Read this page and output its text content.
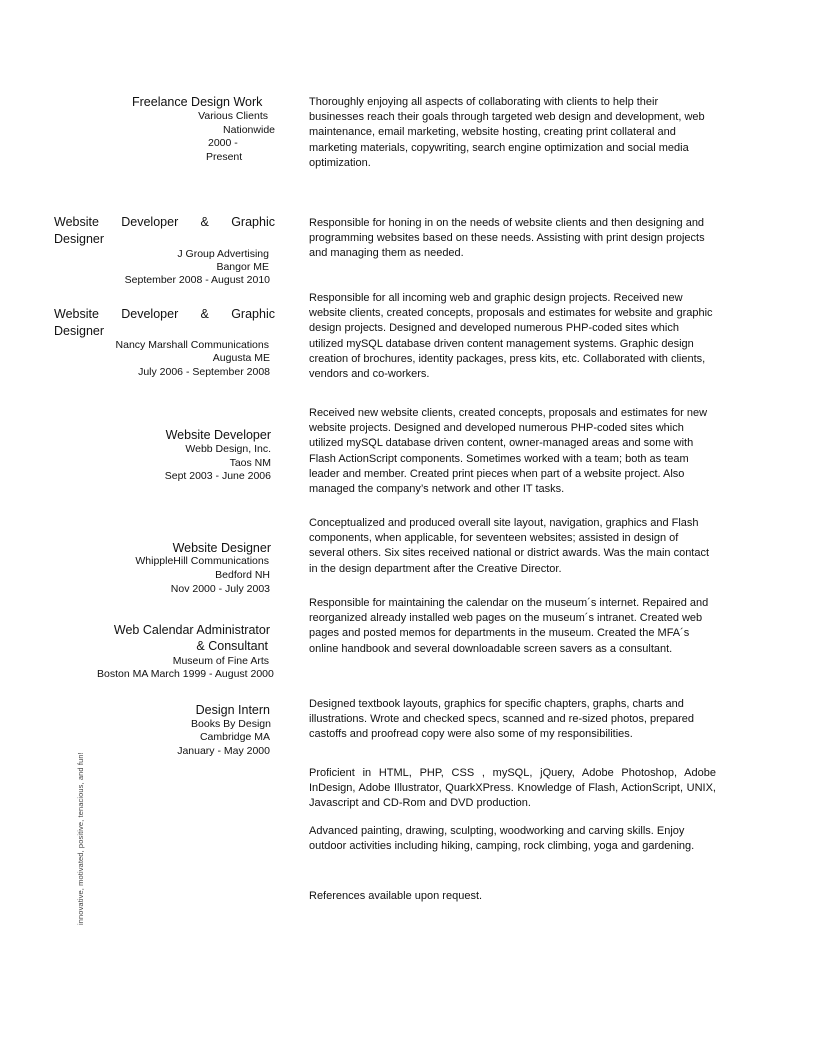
Freelance Design Work
Various Clients
Nationwide
2000 -
Present
Thoroughly enjoying all aspects of collaborating with clients to help their businesses reach their goals through targeted web design and development, web maintenance, email marketing, website hosting, creating print collateral and marketing materials, copywriting, search engine optimization and social media optimization.
Website Developer & Graphic
Designer
J Group Advertising
Bangor ME
September 2008 - August 2010
Responsible for honing in on the needs of website clients and then designing and programming websites based on these needs. Assisting with print design projects and managing them as needed.
Website Developer & Graphic
Designer
Nancy Marshall Communications
Augusta ME
July 2006 - September 2008
Responsible for all incoming web and graphic design projects. Received new website clients, created concepts, proposals and estimates for website and graphic design projects. Designed and developed numerous PHP-coded sites which utilized mySQL database driven content management systems. Graphic design creation of brochures, identity packages, press kits, etc. Collaborated with clients, vendors and co-workers.
Website Developer
Webb Design, Inc.
Taos NM
Sept 2003 - June 2006
Received new website clients, created concepts, proposals and estimates for new website projects. Designed and developed numerous PHP-coded sites which utilized mySQL database driven content, owner-managed areas and some with Flash ActionScript components. Sometimes worked with a team; both as team leader and member. Created print pieces when part of a website project. Also managed the company’s network and other IT tasks.
Website Designer
WhippleHill Communications
Bedford NH
Nov 2000 - July 2003
Conceptualized and produced overall site layout, navigation, graphics and Flash components, when applicable, for seventeen websites; assisted in design of several others. Six sites received national or district awards. Was the main contact in the design department after the Creative Director.
Web Calendar Administrator
& Consultant
Museum of Fine Arts
Boston MA March 1999 - August 2000
Responsible for maintaining the calendar on the museum´s internet. Repaired and reorganized already installed web pages on the museum´s intranet. Created web pages and posted memos for departments in the museum. Created the MFA´s online handbook and several downloadable screen savers as a consultant.
Design Intern
Books By Design
Cambridge MA
January - May 2000
Designed textbook layouts, graphics for specific chapters, graphs, charts and illustrations. Wrote and checked specs, scanned and re-sized photos, prepared castoffs and proofread copy were also some of my responsibilities.
Proficient in HTML, PHP, CSS , mySQL, jQuery, Adobe Photoshop, Adobe InDesign, Adobe Illustrator, QuarkXPress. Knowledge of Flash, ActionScript, UNIX, Javascript and CD-Rom and DVD production.
Advanced painting, drawing, sculpting, woodworking and carving skills. Enjoy outdoor activities including hiking, camping, rock climbing, yoga and gardening.
References available upon request.
innovative, motivated, positive, tenacious, and fun!
